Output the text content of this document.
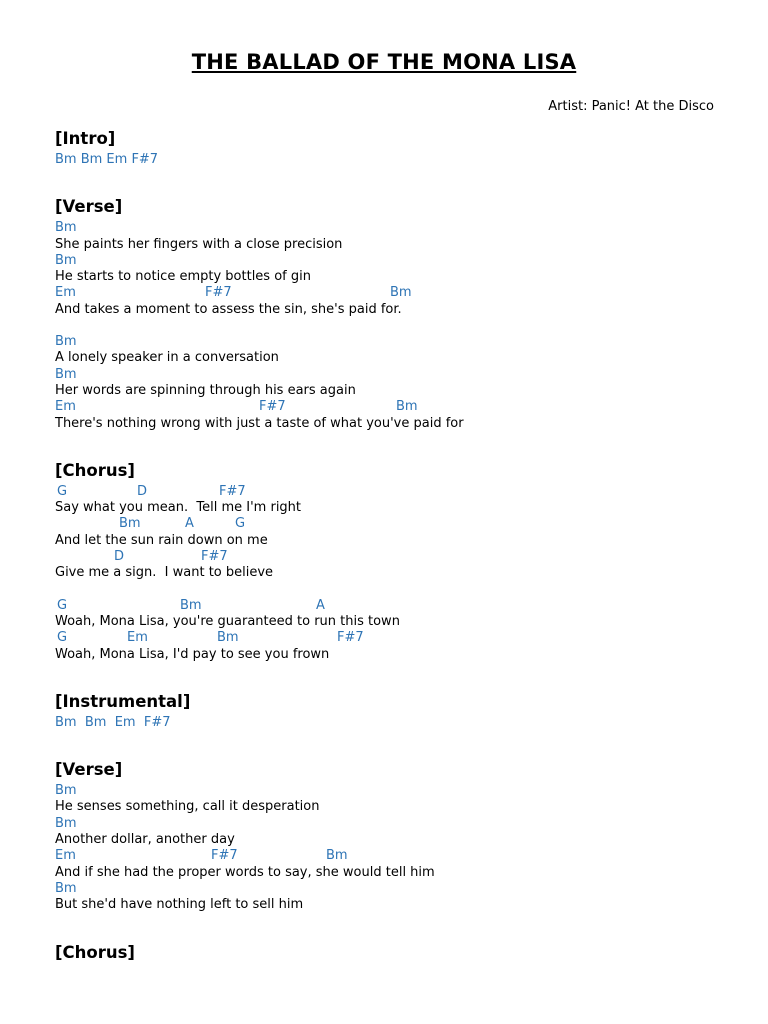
THE BALLAD OF THE MONA LISA
Artist: Panic! At the Disco
[Intro]
Bm Bm Em F#7
[Verse]
Bm
She paints her fingers with a close precision
Bm
He starts to notice empty bottles of gin

Em

	F#7

	Bm

And takes a moment to assess the sin, she's paid for.
Bm
A lonely speaker in a conversation
Bm
Her words are spinning through his ears again

Em

	F#7

	Bm

There's nothing wrong with just a taste of what you've paid for
[Chorus]

G

	D

	F#7

Say what you mean.  Tell me I'm right

Bm

	A

	G

And let the sun rain down on me

D

	F#7

Give me a sign.  I want to believe

G

	Bm

	A

Woah, Mona Lisa, you're guaranteed to run this town

G

	Em

	Bm

	F#7

Woah, Mona Lisa, I'd pay to see you frown
[Instrumental]
Bm  Bm  Em  F#7
[Verse]
Bm
He senses something, call it desperation
Bm
Another dollar, another day

Em

	F#7

	Bm

And if she had the proper words to say, she would tell him
Bm
But she'd have nothing left to sell him
[Chorus]
